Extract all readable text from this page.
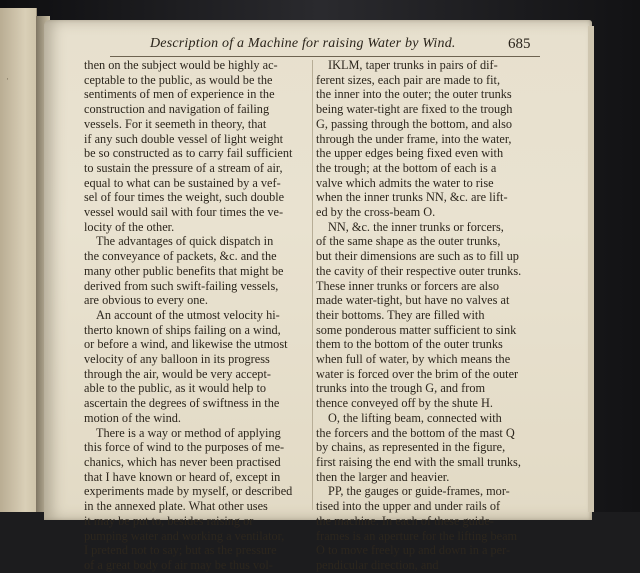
·
Description of a Machine for raising Water by Wind.	685
then on the subject would be highly ac-
ceptable to the public, as would be the
sentiments of men of experience in the
construction and navigation of failing
vessels. For it seemeth in theory, that
if any such double vessel of light weight
be so constructed as to carry fail sufficient
to sustain the pressure of a stream of air,
equal to what can be sustained by a vef-
sel of four times the weight, such double
vessel would sail with four times the ve-
locity of the other.
The advantages of quick dispatch in
the conveyance of packets, &c. and the
many other public benefits that might be
derived from such swift-failing vessels,
are obvious to every one.
An account of the utmost velocity hi-
therto known of ships failing on a wind,
or before a wind, and likewise the utmost
velocity of any balloon in its progress
through the air, would be very accept-
able to the public, as it would help to
ascertain the degrees of swiftness in the
motion of the wind.
There is a way or method of applying
this force of wind to the purposes of me-
chanics, which has never been practised
that I have known or heard of, except in
experiments made by myself, or described
in the annexed plate. What other uses
it may be put to, besides raising or
pumping water and working a ventilator,
I pretend not to say; but as the pressure
of a great body of air may be thus vol-
IKLM, taper trunks in pairs of dif-
ferent sizes, each pair are made to fit,
the inner into the outer; the outer trunks
being water-tight are fixed to the trough
G, passing through the bottom, and also
through the under frame, into the water,
the upper edges being fixed even with
the trough; at the bottom of each is a
valve which admits the water to rise
when the inner trunks NN, &c. are lift-
ed by the cross-beam O.
NN, &c. the inner trunks or forcers,
of the same shape as the outer trunks,
but their dimensions are such as to fill up
the cavity of their respective outer trunks.
These inner trunks or forcers are also
made water-tight, but have no valves at
their bottoms. They are filled with
some ponderous matter sufficient to sink
them to the bottom of the outer trunks
when full of water, by which means the
water is forced over the brim of the outer
trunks into the trough G, and from
thence conveyed off by the shute H.
O, the lifting beam, connected with
the forcers and the bottom of the mast Q
by chains, as represented in the figure,
first raising the end with the small trunks,
then the larger and heavier.
PP, the gauges or guide-frames, mor-
tised into the upper and under rails of
the machine. In each of these guide-
frames is an aperture for the lifting beam
O to move freely up and down in a per-
pendicular direction, and
